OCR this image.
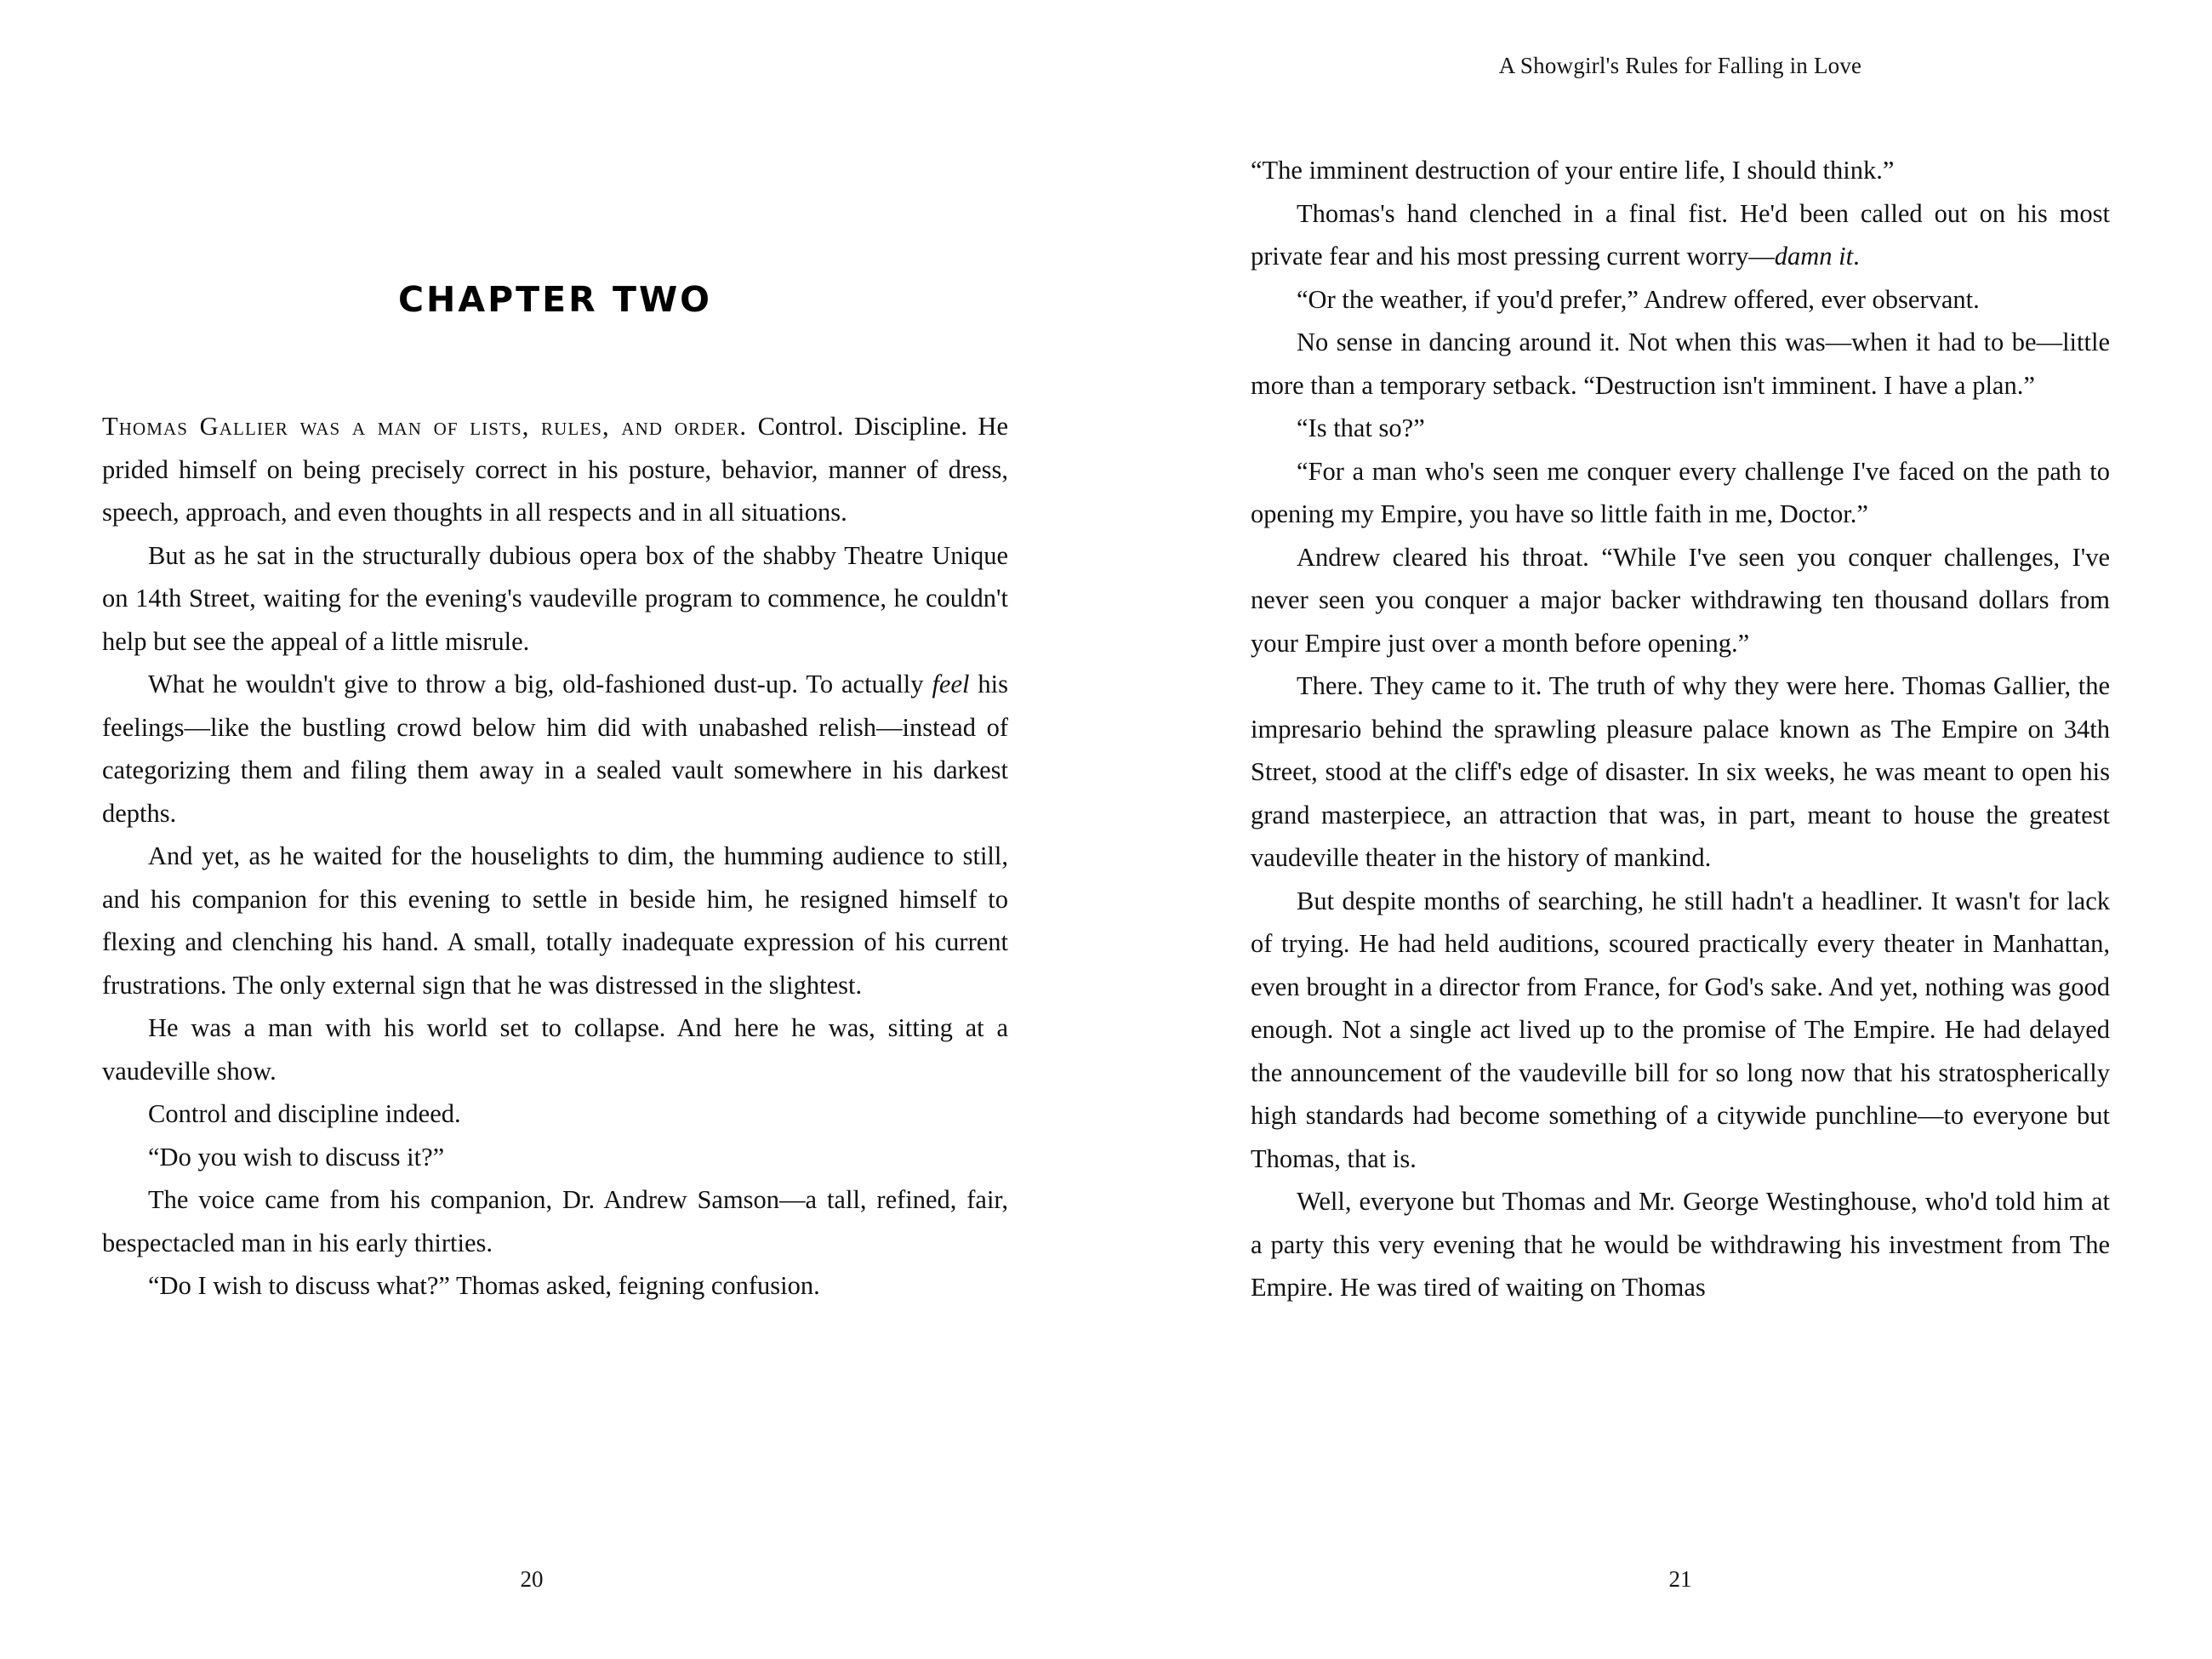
CHAPTER TWO

Thomas Gallier was a man of lists, rules, and order. Control. Discipline. He prided himself on being precisely correct in his posture, behavior, manner of dress, speech, approach, and even thoughts in all respects and in all situations.

But as he sat in the structurally dubious opera box of the shabby Theatre Unique on 14th Street, waiting for the evening's vaudeville program to commence, he couldn't help but see the appeal of a little misrule.

What he wouldn't give to throw a big, old-fashioned dust-up. To actually feel his feelings—like the bustling crowd below him did with unabashed relish—instead of categorizing them and filing them away in a sealed vault somewhere in his darkest depths.

And yet, as he waited for the houselights to dim, the humming audience to still, and his companion for this evening to settle in beside him, he resigned himself to flexing and clenching his hand. A small, totally inadequate expression of his current frustrations. The only external sign that he was distressed in the slightest.

He was a man with his world set to collapse. And here he was, sitting at a vaudeville show.

Control and discipline indeed.

“Do you wish to discuss it?”

The voice came from his companion, Dr. Andrew Samson—a tall, refined, fair, bespectacled man in his early thirties.

“Do I wish to discuss what?” Thomas asked, feigning confusion.

20
A Showgirl's Rules for Falling in Love

“The imminent destruction of your entire life, I should think.”

Thomas's hand clenched in a final fist. He'd been called out on his most private fear and his most pressing current worry—damn it.

“Or the weather, if you'd prefer,” Andrew offered, ever observant.

No sense in dancing around it. Not when this was—when it had to be—little more than a temporary setback. “Destruction isn't imminent. I have a plan.”

“Is that so?”

“For a man who's seen me conquer every challenge I've faced on the path to opening my Empire, you have so little faith in me, Doctor.”

Andrew cleared his throat. “While I've seen you conquer challenges, I've never seen you conquer a major backer withdrawing ten thousand dollars from your Empire just over a month before opening.”

There. They came to it. The truth of why they were here. Thomas Gallier, the impresario behind the sprawling pleasure palace known as The Empire on 34th Street, stood at the cliff's edge of disaster. In six weeks, he was meant to open his grand masterpiece, an attraction that was, in part, meant to house the greatest vaudeville theater in the history of mankind.

But despite months of searching, he still hadn't a headliner. It wasn't for lack of trying. He had held auditions, scoured practically every theater in Manhattan, even brought in a director from France, for God's sake. And yet, nothing was good enough. Not a single act lived up to the promise of The Empire. He had delayed the announcement of the vaudeville bill for so long now that his stratospherically high standards had become something of a citywide punchline—to everyone but Thomas, that is.

Well, everyone but Thomas and Mr. George Westinghouse, who'd told him at a party this very evening that he would be withdrawing his investment from The Empire. He was tired of waiting on Thomas

21
